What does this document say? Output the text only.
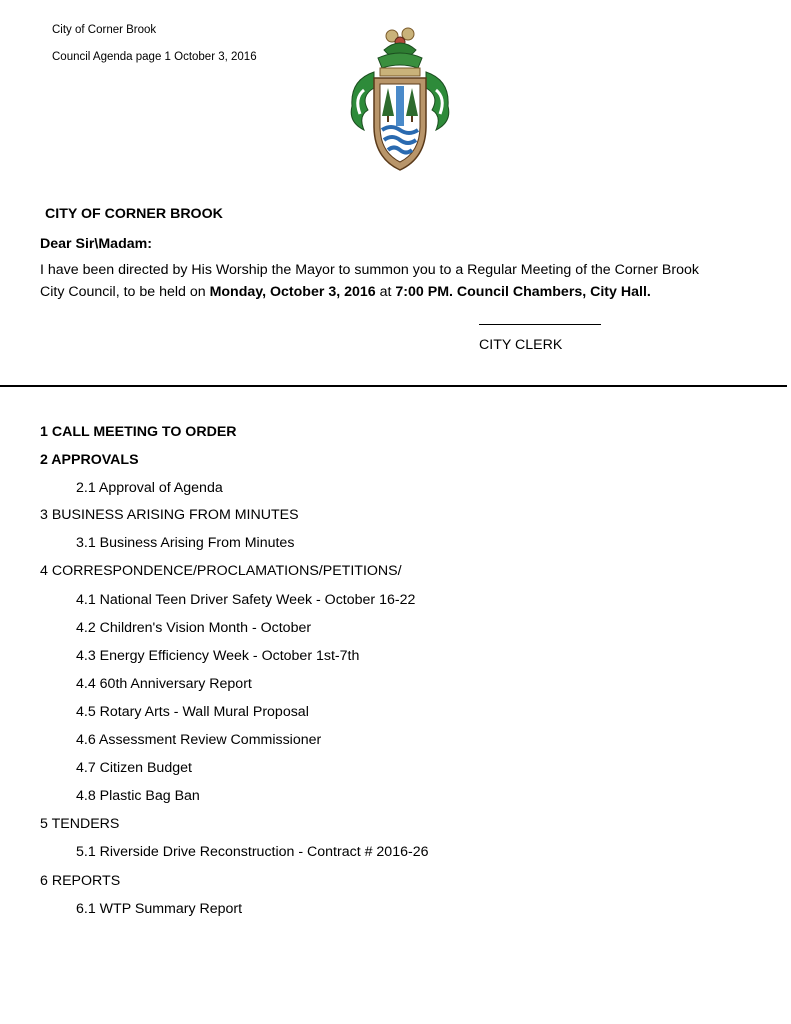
City of Corner Brook
Council Agenda page 1 October 3, 2016
CITY OF CORNER BROOK
Dear Sir\Madam:
I have been directed by His Worship the Mayor to summon you to a Regular Meeting of the Corner Brook
City Council, to be held on Monday, October 3, 2016 at 7:00 PM. Council Chambers, City Hall.
CITY CLERK
1 CALL MEETING TO ORDER
2 APPROVALS
2.1 Approval of Agenda
3 BUSINESS ARISING FROM MINUTES
3.1 Business Arising From Minutes
4 CORRESPONDENCE/PROCLAMATIONS/PETITIONS/
4.1 National Teen Driver Safety Week - October 16-22
4.2 Children's Vision Month - October
4.3 Energy Efficiency Week - October 1st-7th
4.4 60th Anniversary Report
4.5 Rotary Arts - Wall Mural Proposal
4.6 Assessment Review Commissioner
4.7 Citizen Budget
4.8 Plastic Bag Ban
5 TENDERS
5.1 Riverside Drive Reconstruction - Contract # 2016-26
6 REPORTS
6.1 WTP Summary Report
